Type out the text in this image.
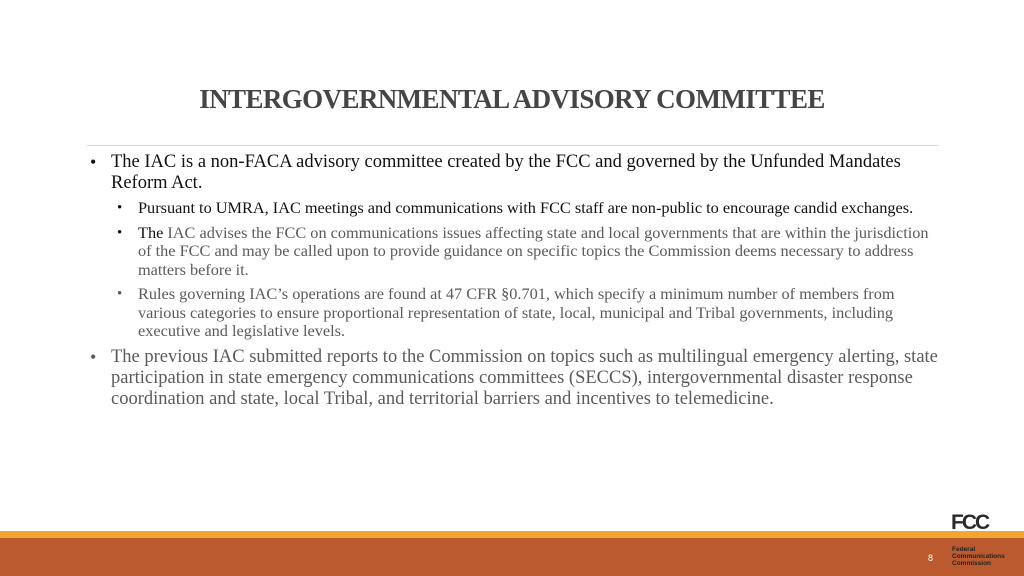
INTERGOVERNMENTAL ADVISORY COMMITTEE
• The IAC is a non-FACA advisory committee created by the FCC and governed by the Unfunded Mandates Reform Act.
• Pursuant to UMRA, IAC meetings and communications with FCC staff are non-public to encourage candid exchanges.
• The IAC advises the FCC on communications issues affecting state and local governments that are within the jurisdiction of the FCC and may be called upon to provide guidance on specific topics the Commission deems necessary to address matters before it.
• Rules governing IAC’s operations are found at 47 CFR §0.701, which specify a minimum number of members from various categories to ensure proportional representation of state, local, municipal and Tribal governments, including executive and legislative levels.
• The previous IAC submitted reports to the Commission on topics such as multilingual emergency alerting, state participation in state emergency communications committees (SECCS), intergovernmental disaster response coordination and state, local Tribal, and territorial barriers and incentives to telemedicine.
8
FCC
Federal
Communications
Commission
